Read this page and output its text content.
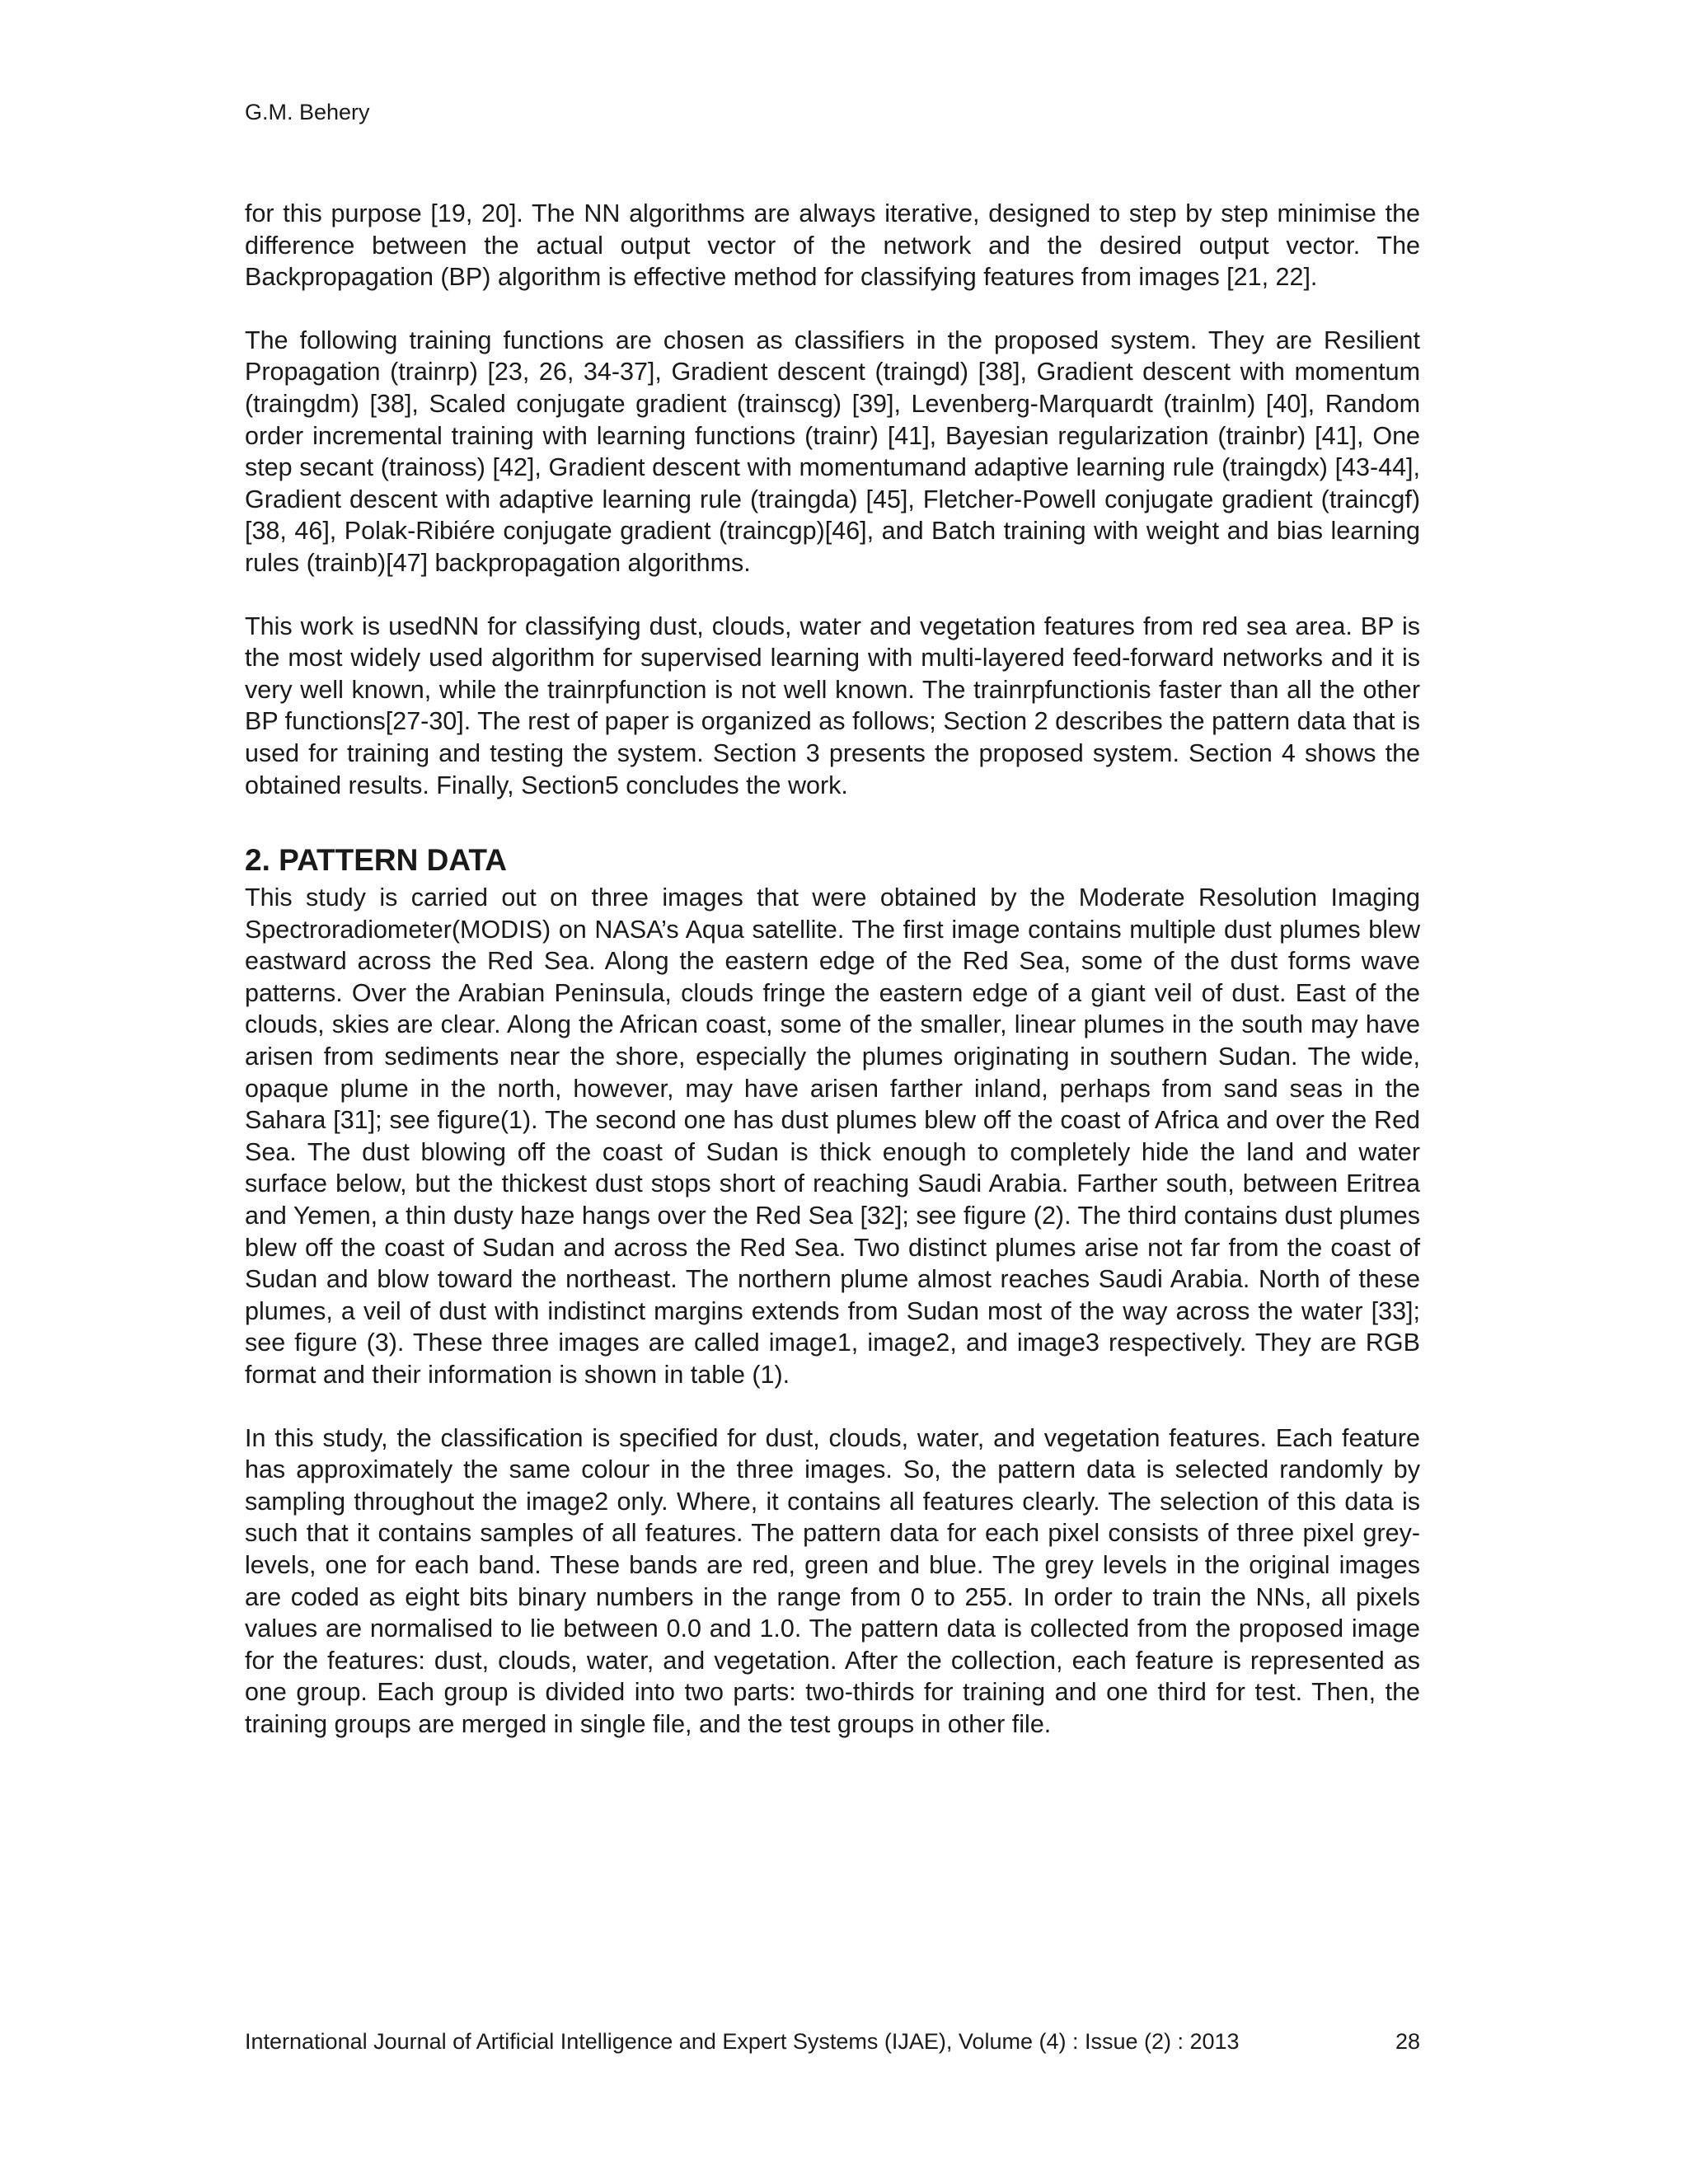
G.M. Behery

for this purpose [19, 20]. The NN algorithms are always iterative, designed to step by step minimise the difference between the actual output vector of the network and the desired output vector. The Backpropagation (BP) algorithm is effective method for classifying features from images [21, 22].

The following training functions are chosen as classifiers in the proposed system. They are Resilient Propagation (trainrp) [23, 26, 34-37], Gradient descent (traingd) [38], Gradient descent with momentum (traingdm) [38], Scaled conjugate gradient (trainscg) [39], Levenberg-Marquardt (trainlm) [40], Random order incremental training with learning functions (trainr) [41], Bayesian regularization (trainbr) [41], One step secant (trainoss) [42], Gradient descent with momentumand adaptive learning rule (traingdx) [43-44], Gradient descent with adaptive learning rule (traingda) [45], Fletcher-Powell conjugate gradient (traincgf) [38, 46], Polak-Ribiére conjugate gradient (traincgp)[46], and Batch training with weight and bias learning rules (trainb)[47] backpropagation algorithms.

This work is usedNN for classifying dust, clouds, water and vegetation features from red sea area. BP is the most widely used algorithm for supervised learning with multi-layered feed-forward networks and it is very well known, while the trainrpfunction is not well known. The trainrpfunctionis faster than all the other BP functions[27-30]. The rest of paper is organized as follows; Section 2 describes the pattern data that is used for training and testing the system. Section 3 presents the proposed system. Section 4 shows the obtained results. Finally, Section5 concludes the work.

2. PATTERN DATA

This study is carried out on three images that were obtained by the Moderate Resolution Imaging Spectroradiometer(MODIS) on NASA’s Aqua satellite. The first image contains multiple dust plumes blew eastward across the Red Sea. Along the eastern edge of the Red Sea, some of the dust forms wave patterns. Over the Arabian Peninsula, clouds fringe the eastern edge of a giant veil of dust. East of the clouds, skies are clear. Along the African coast, some of the smaller, linear plumes in the south may have arisen from sediments near the shore, especially the plumes originating in southern Sudan. The wide, opaque plume in the north, however, may have arisen farther inland, perhaps from sand seas in the Sahara [31]; see figure(1). The second one has dust plumes blew off the coast of Africa and over the Red Sea. The dust blowing off the coast of Sudan is thick enough to completely hide the land and water surface below, but the thickest dust stops short of reaching Saudi Arabia. Farther south, between Eritrea and Yemen, a thin dusty haze hangs over the Red Sea [32]; see figure (2). The third contains dust plumes blew off the coast of Sudan and across the Red Sea. Two distinct plumes arise not far from the coast of Sudan and blow toward the northeast. The northern plume almost reaches Saudi Arabia. North of these plumes, a veil of dust with indistinct margins extends from Sudan most of the way across the water [33]; see figure (3). These three images are called image1, image2, and image3 respectively. They are RGB format and their information is shown in table (1).

In this study, the classification is specified for dust, clouds, water, and vegetation features. Each feature has approximately the same colour in the three images. So, the pattern data is selected randomly by sampling throughout the image2 only. Where, it contains all features clearly. The selection of this data is such that it contains samples of all features. The pattern data for each pixel consists of three pixel grey-levels, one for each band. These bands are red, green and blue. The grey levels in the original images are coded as eight bits binary numbers in the range from 0 to 255. In order to train the NNs, all pixels values are normalised to lie between 0.0 and 1.0. The pattern data is collected from the proposed image for the features: dust, clouds, water, and vegetation. After the collection, each feature is represented as one group. Each group is divided into two parts: two-thirds for training and one third for test. Then, the training groups are merged in single file, and the test groups in other file.

International Journal of Artificial Intelligence and Expert Systems (IJAE), Volume (4) : Issue (2) : 2013	28
